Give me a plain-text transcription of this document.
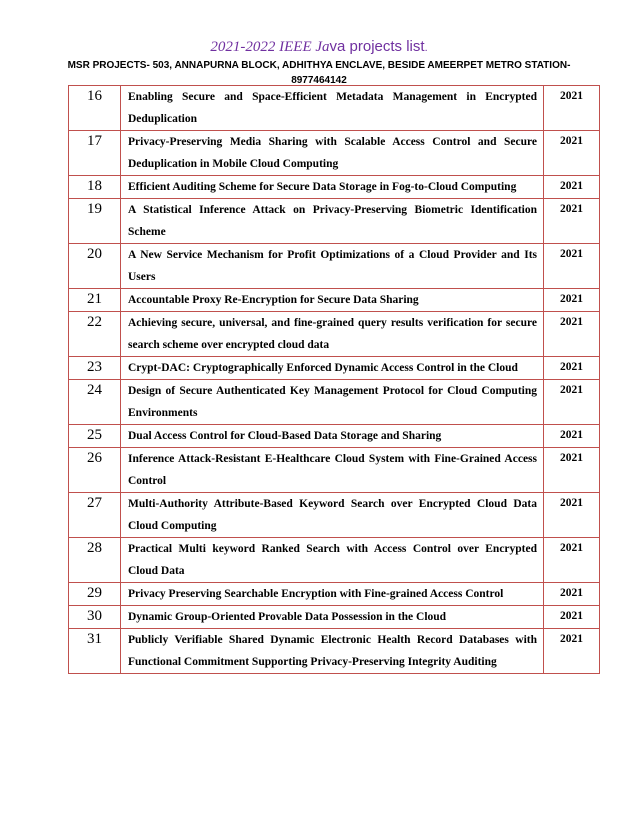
2021-2022 IEEE Java projects list.
MSR PROJECTS- 503, ANNAPURNA BLOCK, ADHITHYA ENCLAVE, BESIDE AMEERPET METRO STATION-8977464142
16	Enabling Secure and Space-Efficient Metadata Management in Encrypted Deduplication	2021
17	Privacy-Preserving Media Sharing with Scalable Access Control and Secure Deduplication in Mobile Cloud Computing	2021
18	Efficient Auditing Scheme for Secure Data Storage in Fog-to-Cloud Computing	2021
19	A Statistical Inference Attack on Privacy-Preserving Biometric Identification Scheme	2021
20	A New Service Mechanism for Profit Optimizations of a Cloud Provider and Its Users	2021
21	Accountable Proxy Re-Encryption for Secure Data Sharing	2021
22	Achieving secure, universal, and fine-grained query results verification for secure search scheme over encrypted cloud data	2021
23	Crypt-DAC: Cryptographically Enforced Dynamic Access Control in the Cloud	2021
24	Design of Secure Authenticated Key Management Protocol for Cloud Computing Environments	2021
25	Dual Access Control for Cloud-Based Data Storage and Sharing	2021
26	Inference Attack-Resistant E-Healthcare Cloud System with Fine-Grained Access Control	2021
27	Multi-Authority Attribute-Based Keyword Search over Encrypted Cloud Data Cloud Computing	2021
28	Practical Multi keyword Ranked Search with Access Control over Encrypted Cloud Data	2021
29	Privacy Preserving Searchable Encryption with Fine-grained Access Control	2021
30	Dynamic Group-Oriented Provable Data Possession in the Cloud	2021
31	Publicly Verifiable Shared Dynamic Electronic Health Record Databases with Functional Commitment Supporting Privacy-Preserving Integrity Auditing	2021
